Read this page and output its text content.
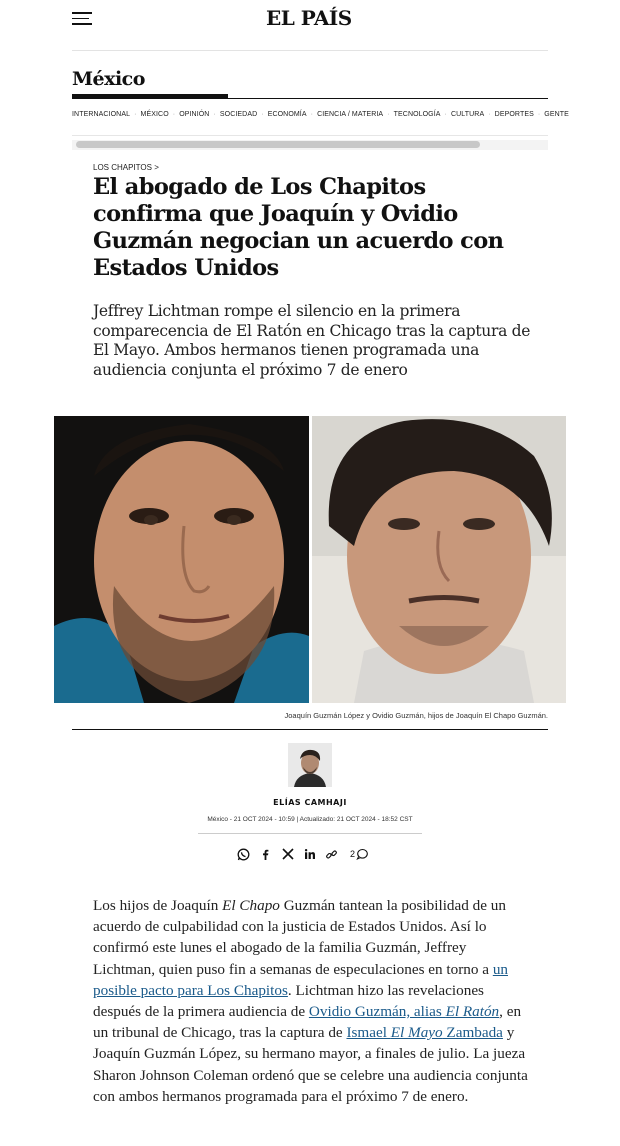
EL PAÍS
México
INTERNACIONAL · MÉXICO · OPINIÓN · SOCIEDAD · ECONOMÍA · CIENCIA / MATERIA · TECNOLOGÍA · CULTURA · DEPORTES · GENTE
LOS CHAPITOS >
El abogado de Los Chapitos confirma que Joaquín y Ovidio Guzmán negocian un acuerdo con Estados Unidos

Jeffrey Lichtman rompe el silencio en la primera comparecencia de El Ratón en Chicago tras la captura de El Mayo. Ambos hermanos tienen programada una audiencia conjunta el próximo 7 de enero

Joaquín Guzmán López y Ovidio Guzmán, hijos de Joaquín El Chapo Guzmán.
ELÍAS CAMHAJI
México - 21 OCT 2024 - 10:59 | Actualizado: 21 OCT 2024 - 18:52 CST
2

Los hijos de Joaquín El Chapo Guzmán tantean la posibilidad de un acuerdo de culpabilidad con la justicia de Estados Unidos. Así lo confirmó este lunes el abogado de la familia Guzmán, Jeffrey Lichtman, quien puso fin a semanas de especulaciones en torno a un posible pacto para Los Chapitos. Lichtman hizo las revelaciones después de la primera audiencia de Ovidio Guzmán, alias El Ratón, en un tribunal de Chicago, tras la captura de Ismael El Mayo Zambada y Joaquín Guzmán López, su hermano mayor, a finales de julio. La jueza Sharon Johnson Coleman ordenó que se celebre una audiencia conjunta con ambos hermanos programada para el próximo 7 de enero.
